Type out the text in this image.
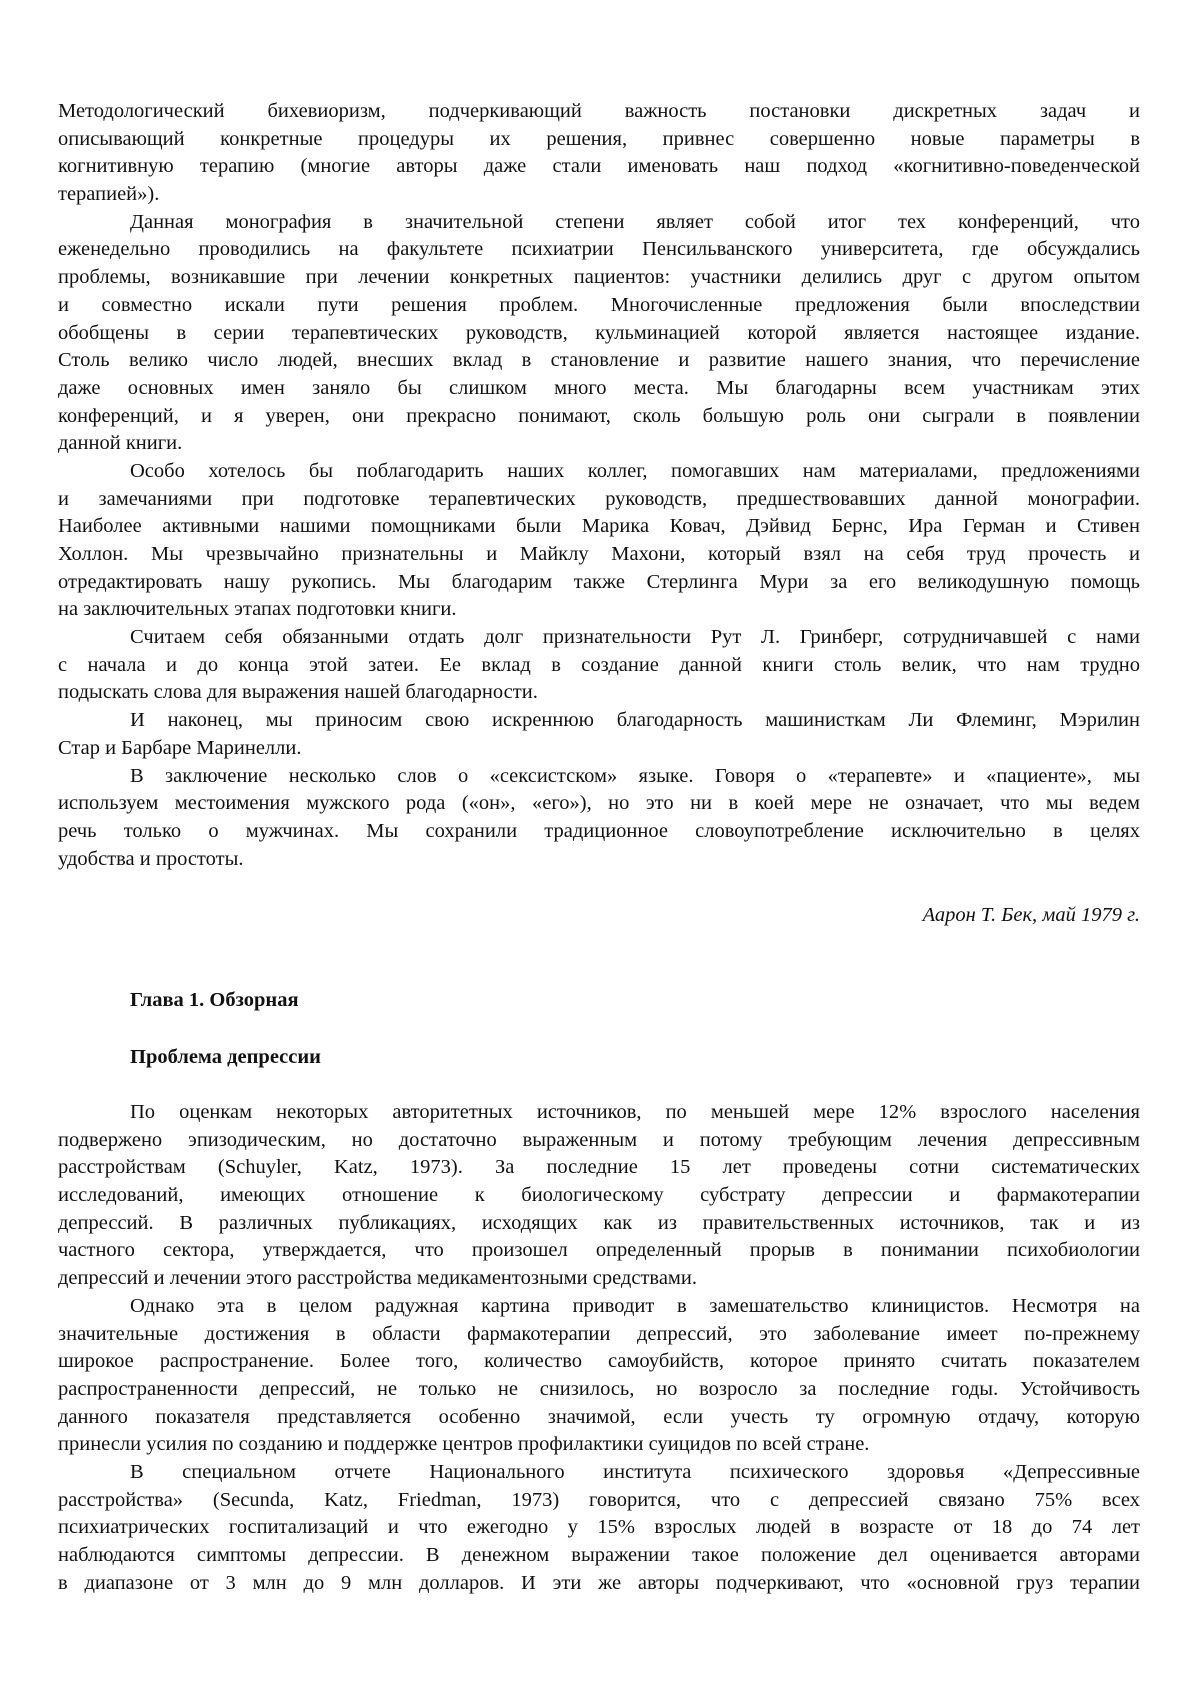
Методологический бихевиоризм, подчеркивающий важность постановки дискретных задач и
описывающий конкретные процедуры их решения, привнес совершенно новые параметры в
когнитивную терапию (многие авторы даже стали именовать наш подход «когнитивно-поведенческой
терапией»).
Данная монография в значительной степени являет собой итог тех конференций, что
еженедельно проводились на факультете психиатрии Пенсильванского университета, где обсуждались
проблемы, возникавшие при лечении конкретных пациентов: участники делились друг с другом опытом
и совместно искали пути решения проблем. Многочисленные предложения были впоследствии
обобщены в серии терапевтических руководств, кульминацией которой является настоящее издание.
Столь велико число людей, внесших вклад в становление и развитие нашего знания, что перечисление
даже основных имен заняло бы слишком много места. Мы благодарны всем участникам этих
конференций, и я уверен, они прекрасно понимают, сколь большую роль они сыграли в появлении
данной книги.
Особо хотелось бы поблагодарить наших коллег, помогавших нам материалами, предложениями
и замечаниями при подготовке терапевтических руководств, предшествовавших данной монографии.
Наиболее активными нашими помощниками были Марика Ковач, Дэйвид Бернс, Ира Герман и Стивен
Холлон. Мы чрезвычайно признательны и Майклу Махони, который взял на себя труд прочесть и
отредактировать нашу рукопись. Мы благодарим также Стерлинга Мури за его великодушную помощь
на заключительных этапах подготовки книги.
Считаем себя обязанными отдать долг признательности Рут Л. Гринберг, сотрудничавшей с нами
с начала и до конца этой затеи. Ее вклад в создание данной книги столь велик, что нам трудно
подыскать слова для выражения нашей благодарности.
И наконец, мы приносим свою искреннюю благодарность машинисткам Ли Флеминг, Мэрилин
Стар и Барбаре Маринелли.
В заключение несколько слов о «сексистском» языке. Говоря о «терапевте» и «пациенте», мы
используем местоимения мужского рода («он», «его»), но это ни в коей мере не означает, что мы ведем
речь только о мужчинах. Мы сохранили традиционное словоупотребление исключительно в целях
удобства и простоты.
Аарон Т. Бек, май 1979 г.
Глава 1. Обзорная
Проблема депрессии
По оценкам некоторых авторитетных источников, по меньшей мере 12% взрослого населения
подвержено эпизодическим, но достаточно выраженным и потому требующим лечения депрессивным
расстройствам (Schuyler, Katz, 1973). За последние 15 лет проведены сотни систематических
исследований, имеющих отношение к биологическому субстрату депрессии и фармакотерапии
депрессий. В различных публикациях, исходящих как из правительственных источников, так и из
частного сектора, утверждается, что произошел определенный прорыв в понимании психобиологии
депрессий и лечении этого расстройства медикаментозными средствами.
Однако эта в целом радужная картина приводит в замешательство клиницистов. Несмотря на
значительные достижения в области фармакотерапии депрессий, это заболевание имеет по-прежнему
широкое распространение. Более того, количество самоубийств, которое принято считать показателем
распространенности депрессий, не только не снизилось, но возросло за последние годы. Устойчивость
данного показателя представляется особенно значимой, если учесть ту огромную отдачу, которую
принесли усилия по созданию и поддержке центров профилактики суицидов по всей стране.
В специальном отчете Национального института психического здоровья «Депрессивные
расстройства» (Secunda, Katz, Friedman, 1973) говорится, что с депрессией связано 75% всех
психиатрических госпитализаций и что ежегодно у 15% взрослых людей в возрасте от 18 до 74 лет
наблюдаются симптомы депрессии. В денежном выражении такое положение дел оценивается авторами
в диапазоне от 3 млн до 9 млн долларов. И эти же авторы подчеркивают, что «основной груз терапии
